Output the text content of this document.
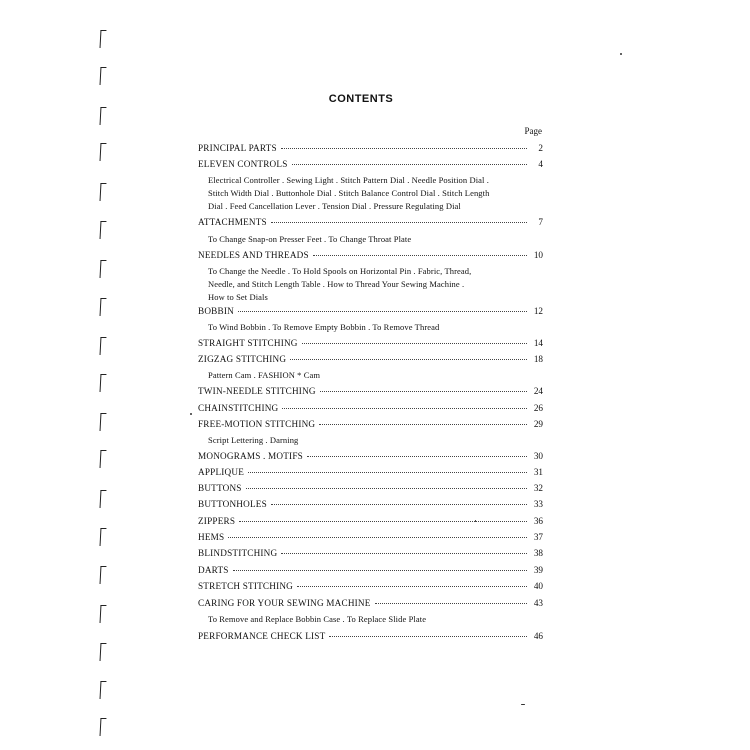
CONTENTS
Page
PRINCIPAL PARTS	2
ELEVEN CONTROLS	4
Electrical Controller . Sewing Light . Stitch Pattern Dial . Needle Position Dial .
Stitch Width Dial . Buttonhole Dial . Stitch Balance Control Dial . Stitch Length
Dial . Feed Cancellation Lever . Tension Dial . Pressure Regulating Dial
ATTACHMENTS	7
To Change Snap-on Presser Feet . To Change Throat Plate
NEEDLES AND THREADS	10
To Change the Needle . To Hold Spools on Horizontal Pin . Fabric, Thread,
Needle, and Stitch Length Table . How to Thread Your Sewing Machine .
How to Set Dials
BOBBIN	12
To Wind Bobbin . To Remove Empty Bobbin . To Remove Thread
STRAIGHT STITCHING	14
ZIGZAG STITCHING	18
Pattern Cam . FASHION * Cam
TWIN-NEEDLE STITCHING	24
CHAINSTITCHING	26
FREE-MOTION STITCHING	29
Script Lettering . Darning
MONOGRAMS . MOTIFS	30
APPLIQUE	31
BUTTONS	32
BUTTONHOLES	33
ZIPPERS	36
HEMS	37
BLINDSTITCHING	38
DARTS	39
STRETCH STITCHING	40
CARING FOR YOUR SEWING MACHINE	43
To Remove and Replace Bobbin Case . To Replace Slide Plate
PERFORMANCE CHECK LIST	46
